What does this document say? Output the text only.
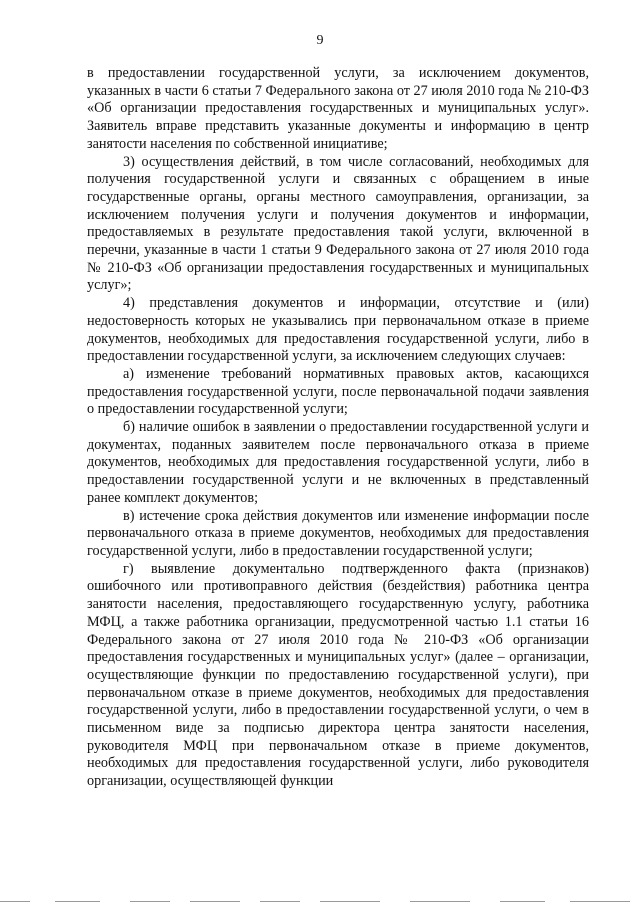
9

в предоставлении государственной услуги, за исключением документов, указанных в части 6 статьи 7 Федерального закона от 27 июля 2010 года № 210-ФЗ «Об организации предоставления государственных и муниципальных услуг». Заявитель вправе представить указанные документы и информацию в центр занятости населения по собственной инициативе;

3) осуществления действий, в том числе согласований, необходимых для получения государственной услуги и связанных с обращением в иные государственные органы, органы местного самоуправления, организации, за исключением получения услуги и получения документов и информации, предоставляемых в результате предоставления такой услуги, включенной в перечни, указанные в части 1 статьи 9 Федерального закона от 27 июля 2010 года № 210-ФЗ «Об организации предоставления государственных и муниципальных услуг»;

4) представления документов и информации, отсутствие и (или) недостоверность которых не указывались при первоначальном отказе в приеме документов, необходимых для предоставления государственной услуги, либо в предоставлении государственной услуги, за исключением следующих случаев:

а) изменение требований нормативных правовых актов, касающихся предоставления государственной услуги, после первоначальной подачи заявления о предоставлении государственной услуги;

б) наличие ошибок в заявлении о предоставлении государственной услуги и документах, поданных заявителем после первоначального отказа в приеме документов, необходимых для предоставления государственной услуги, либо в предоставлении государственной услуги и не включенных в представленный ранее комплект документов;

в) истечение срока действия документов или изменение информации после первоначального отказа в приеме документов, необходимых для предоставления государственной услуги, либо в предоставлении государственной услуги;

г) выявление документально подтвержденного факта (признаков) ошибочного или противоправного действия (бездействия) работника центра занятости населения, предоставляющего государственную услугу, работника МФЦ, а также работника организации, предусмотренной частью 1.1 статьи 16 Федерального закона от 27 июля 2010 года № 210-ФЗ «Об организации предоставления государственных и муниципальных услуг» (далее – организации, осуществляющие функции по предоставлению государственной услуги), при первоначальном отказе в приеме документов, необходимых для предоставления государственной услуги, либо в предоставлении государственной услуги, о чем в письменном виде за подписью директора центра занятости населения, руководителя МФЦ при первоначальном отказе в приеме документов, необходимых для предоставления государственной услуги, либо руководителя организации, осуществляющей функции
